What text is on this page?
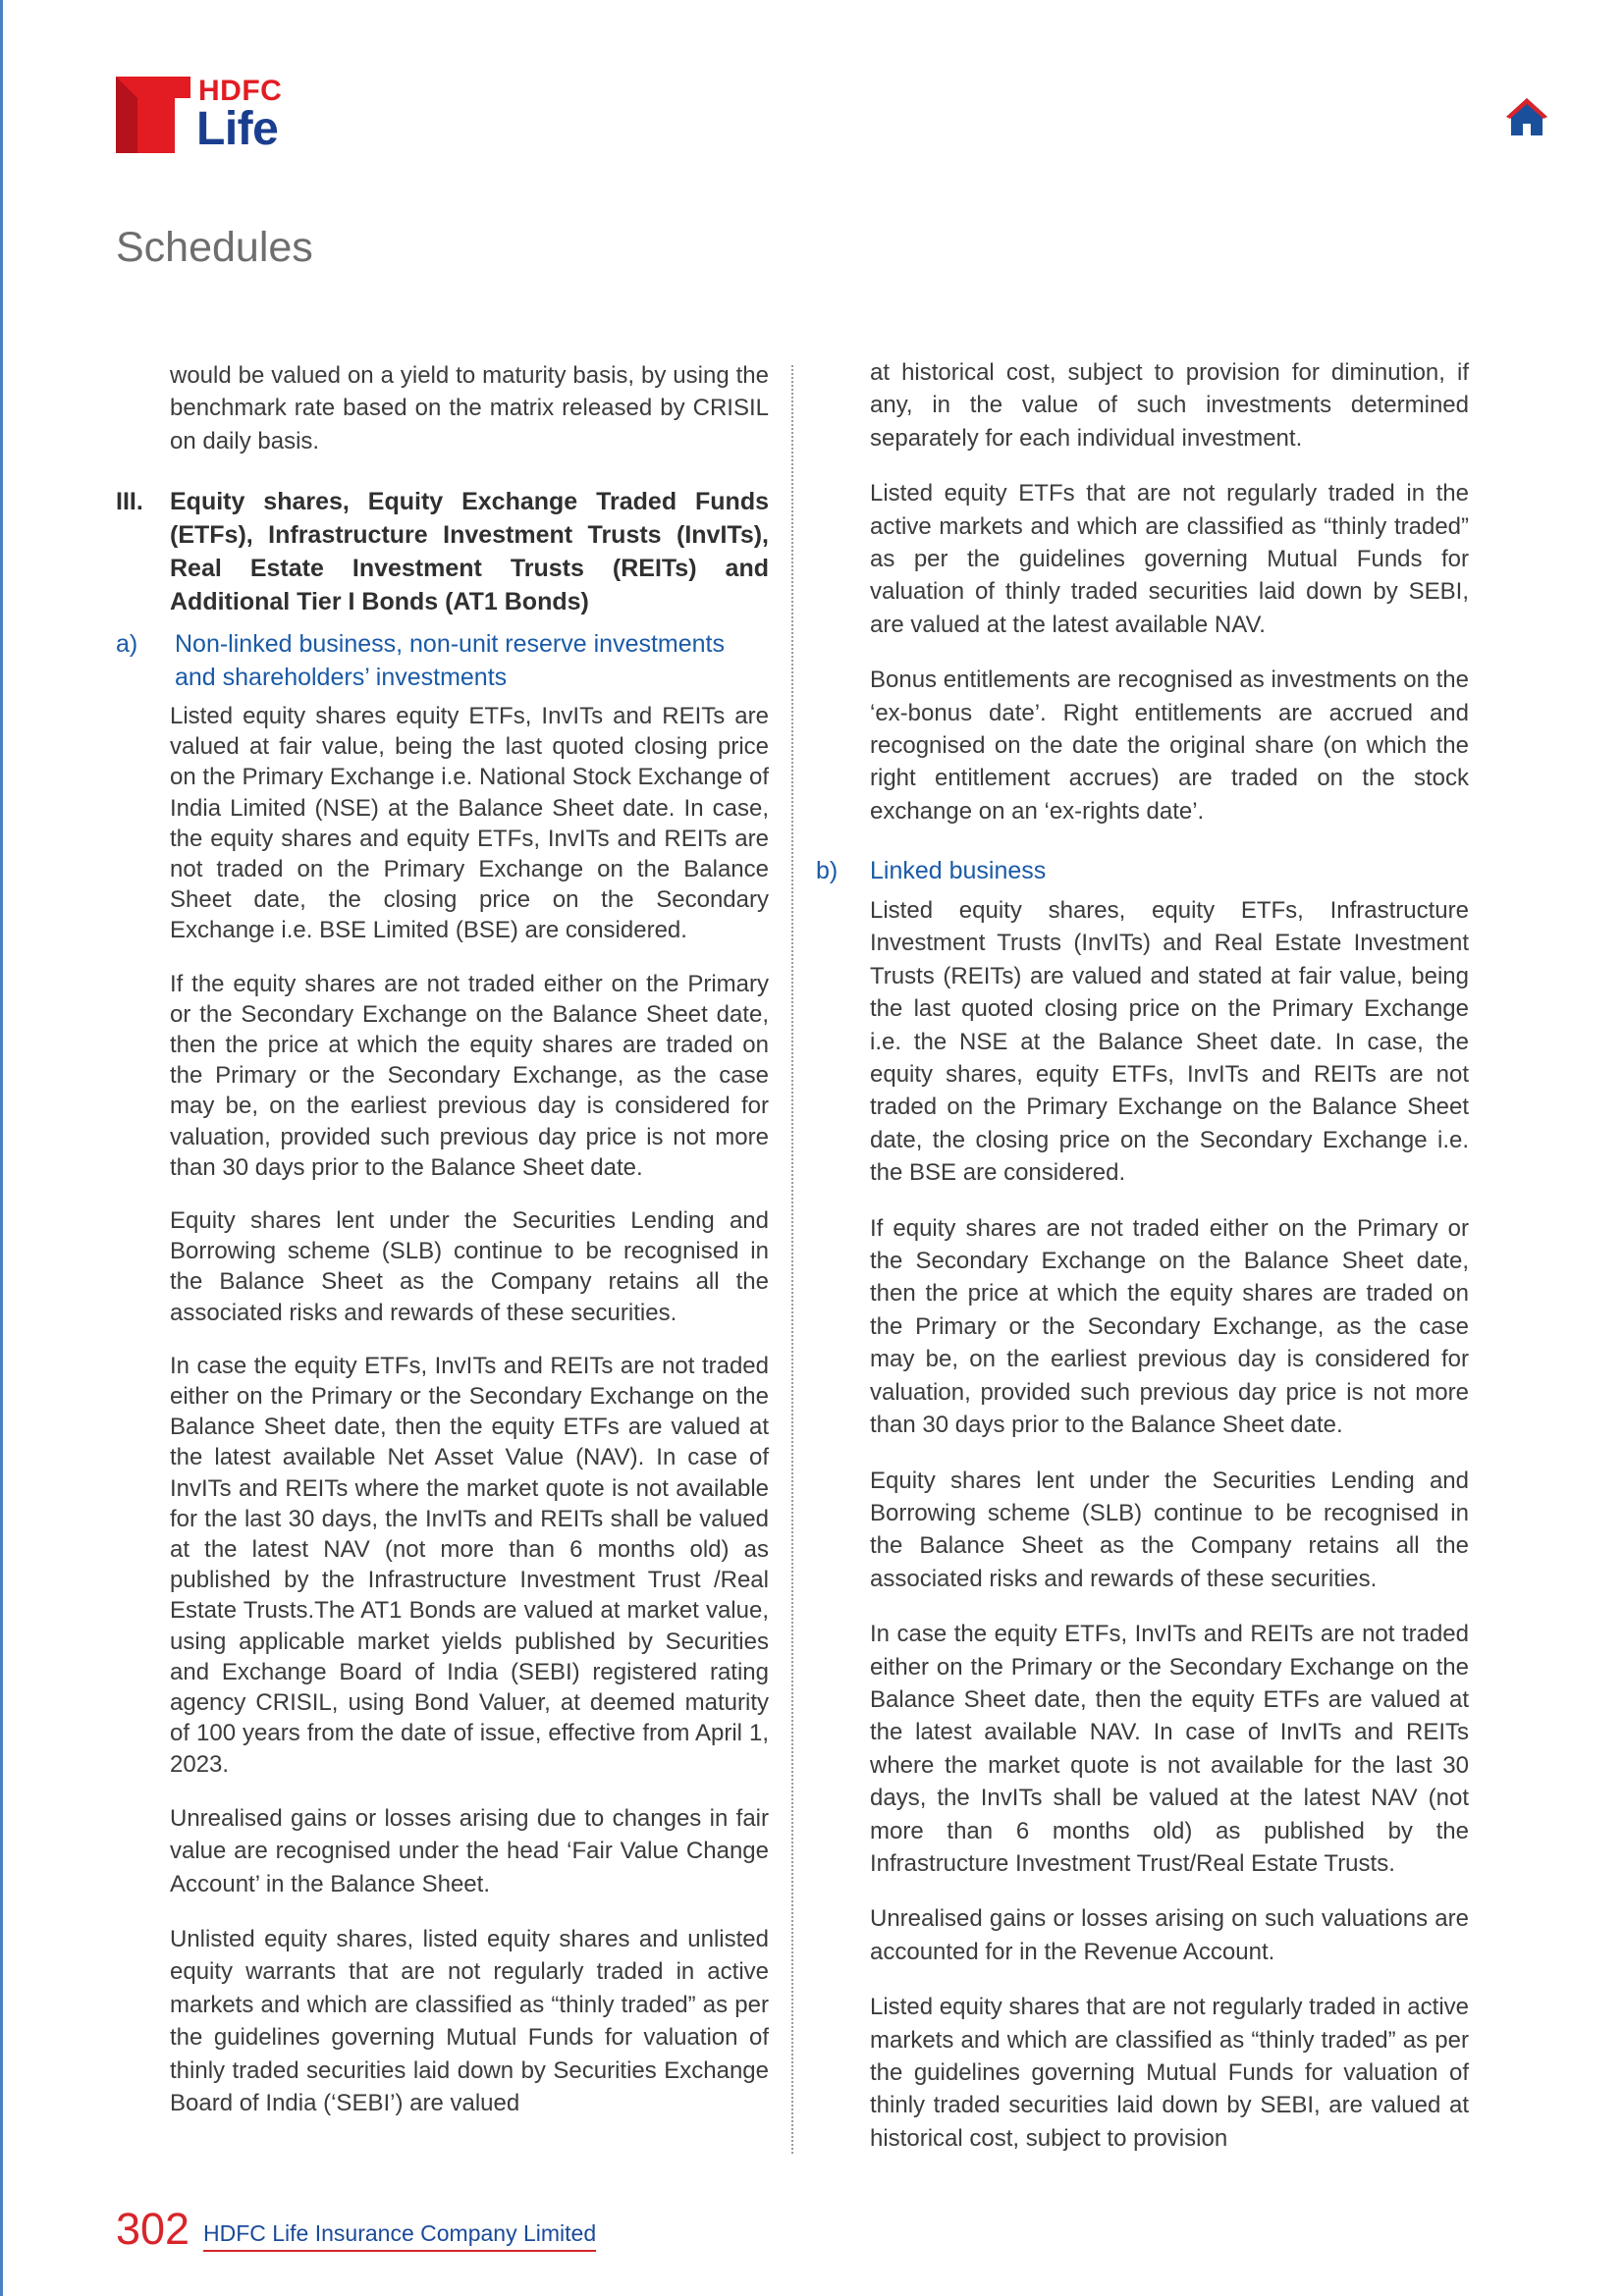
HDFC
Life
Schedules

would be valued on a yield to maturity basis, by using the benchmark rate based on the matrix released by CRISIL on daily basis.

III. Equity shares, Equity Exchange Traded Funds (ETFs), Infrastructure Investment Trusts (InvITs), Real Estate Investment Trusts (REITs) and Additional Tier I Bonds (AT1 Bonds)
a) Non-linked business, non-unit reserve investments and shareholders’ investments

Listed equity shares equity ETFs, InvITs and REITs are valued at fair value, being the last quoted closing price on the Primary Exchange i.e. National Stock Exchange of India Limited (NSE) at the Balance Sheet date. In case, the equity shares and equity ETFs, InvITs and REITs are not traded on the Primary Exchange on the Balance Sheet date, the closing price on the Secondary Exchange i.e. BSE Limited (BSE) are considered.

If the equity shares are not traded either on the Primary or the Secondary Exchange on the Balance Sheet date, then the price at which the equity shares are traded on the Primary or the Secondary Exchange, as the case may be, on the earliest previous day is considered for valuation, provided such previous day price is not more than 30 days prior to the Balance Sheet date.

Equity shares lent under the Securities Lending and Borrowing scheme (SLB) continue to be recognised in the Balance Sheet as the Company retains all the associated risks and rewards of these securities.

In case the equity ETFs, InvITs and REITs are not traded either on the Primary or the Secondary Exchange on the Balance Sheet date, then the equity ETFs are valued at the latest available Net Asset Value (NAV). In case of InvITs and REITs where the market quote is not available for the last 30 days, the InvITs and REITs shall be valued at the latest NAV (not more than 6 months old) as published by the Infrastructure Investment Trust /Real Estate Trusts.The AT1 Bonds are valued at market value, using applicable market yields published by Securities and Exchange Board of India (SEBI) registered rating agency CRISIL, using Bond Valuer, at deemed maturity of 100 years from the date of issue, effective from April 1, 2023.

Unrealised gains or losses arising due to changes in fair value are recognised under the head ‘Fair Value Change Account’ in the Balance Sheet.

Unlisted equity shares, listed equity shares and unlisted equity warrants that are not regularly traded in active markets and which are classified as “thinly traded” as per the guidelines governing Mutual Funds for valuation of thinly traded securities laid down by Securities Exchange Board of India (‘SEBI’) are valued

at historical cost, subject to provision for diminution, if any, in the value of such investments determined separately for each individual investment.

Listed equity ETFs that are not regularly traded in the active markets and which are classified as “thinly traded” as per the guidelines governing Mutual Funds for valuation of thinly traded securities laid down by SEBI, are valued at the latest available NAV.

Bonus entitlements are recognised as investments on the ‘ex-bonus date’. Right entitlements are accrued and recognised on the date the original share (on which the right entitlement accrues) are traded on the stock exchange on an ‘ex-rights date’.

b) Linked business

Listed equity shares, equity ETFs, Infrastructure Investment Trusts (InvITs) and Real Estate Investment Trusts (REITs) are valued and stated at fair value, being the last quoted closing price on the Primary Exchange i.e. the NSE at the Balance Sheet date. In case, the equity shares, equity ETFs, InvITs and REITs are not traded on the Primary Exchange on the Balance Sheet date, the closing price on the Secondary Exchange i.e. the BSE are considered.

If equity shares are not traded either on the Primary or the Secondary Exchange on the Balance Sheet date, then the price at which the equity shares are traded on the Primary or the Secondary Exchange, as the case may be, on the earliest previous day is considered for valuation, provided such previous day price is not more than 30 days prior to the Balance Sheet date.

Equity shares lent under the Securities Lending and Borrowing scheme (SLB) continue to be recognised in the Balance Sheet as the Company retains all the associated risks and rewards of these securities.

In case the equity ETFs, InvITs and REITs are not traded either on the Primary or the Secondary Exchange on the Balance Sheet date, then the equity ETFs are valued at the latest available NAV. In case of InvITs and REITs where the market quote is not available for the last 30 days, the InvITs shall be valued at the latest NAV (not more than 6 months old) as published by the Infrastructure Investment Trust/Real Estate Trusts.

Unrealised gains or losses arising on such valuations are accounted for in the Revenue Account.

Listed equity shares that are not regularly traded in active markets and which are classified as “thinly traded” as per the guidelines governing Mutual Funds for valuation of thinly traded securities laid down by SEBI, are valued at historical cost, subject to provision

302 HDFC Life Insurance Company Limited
